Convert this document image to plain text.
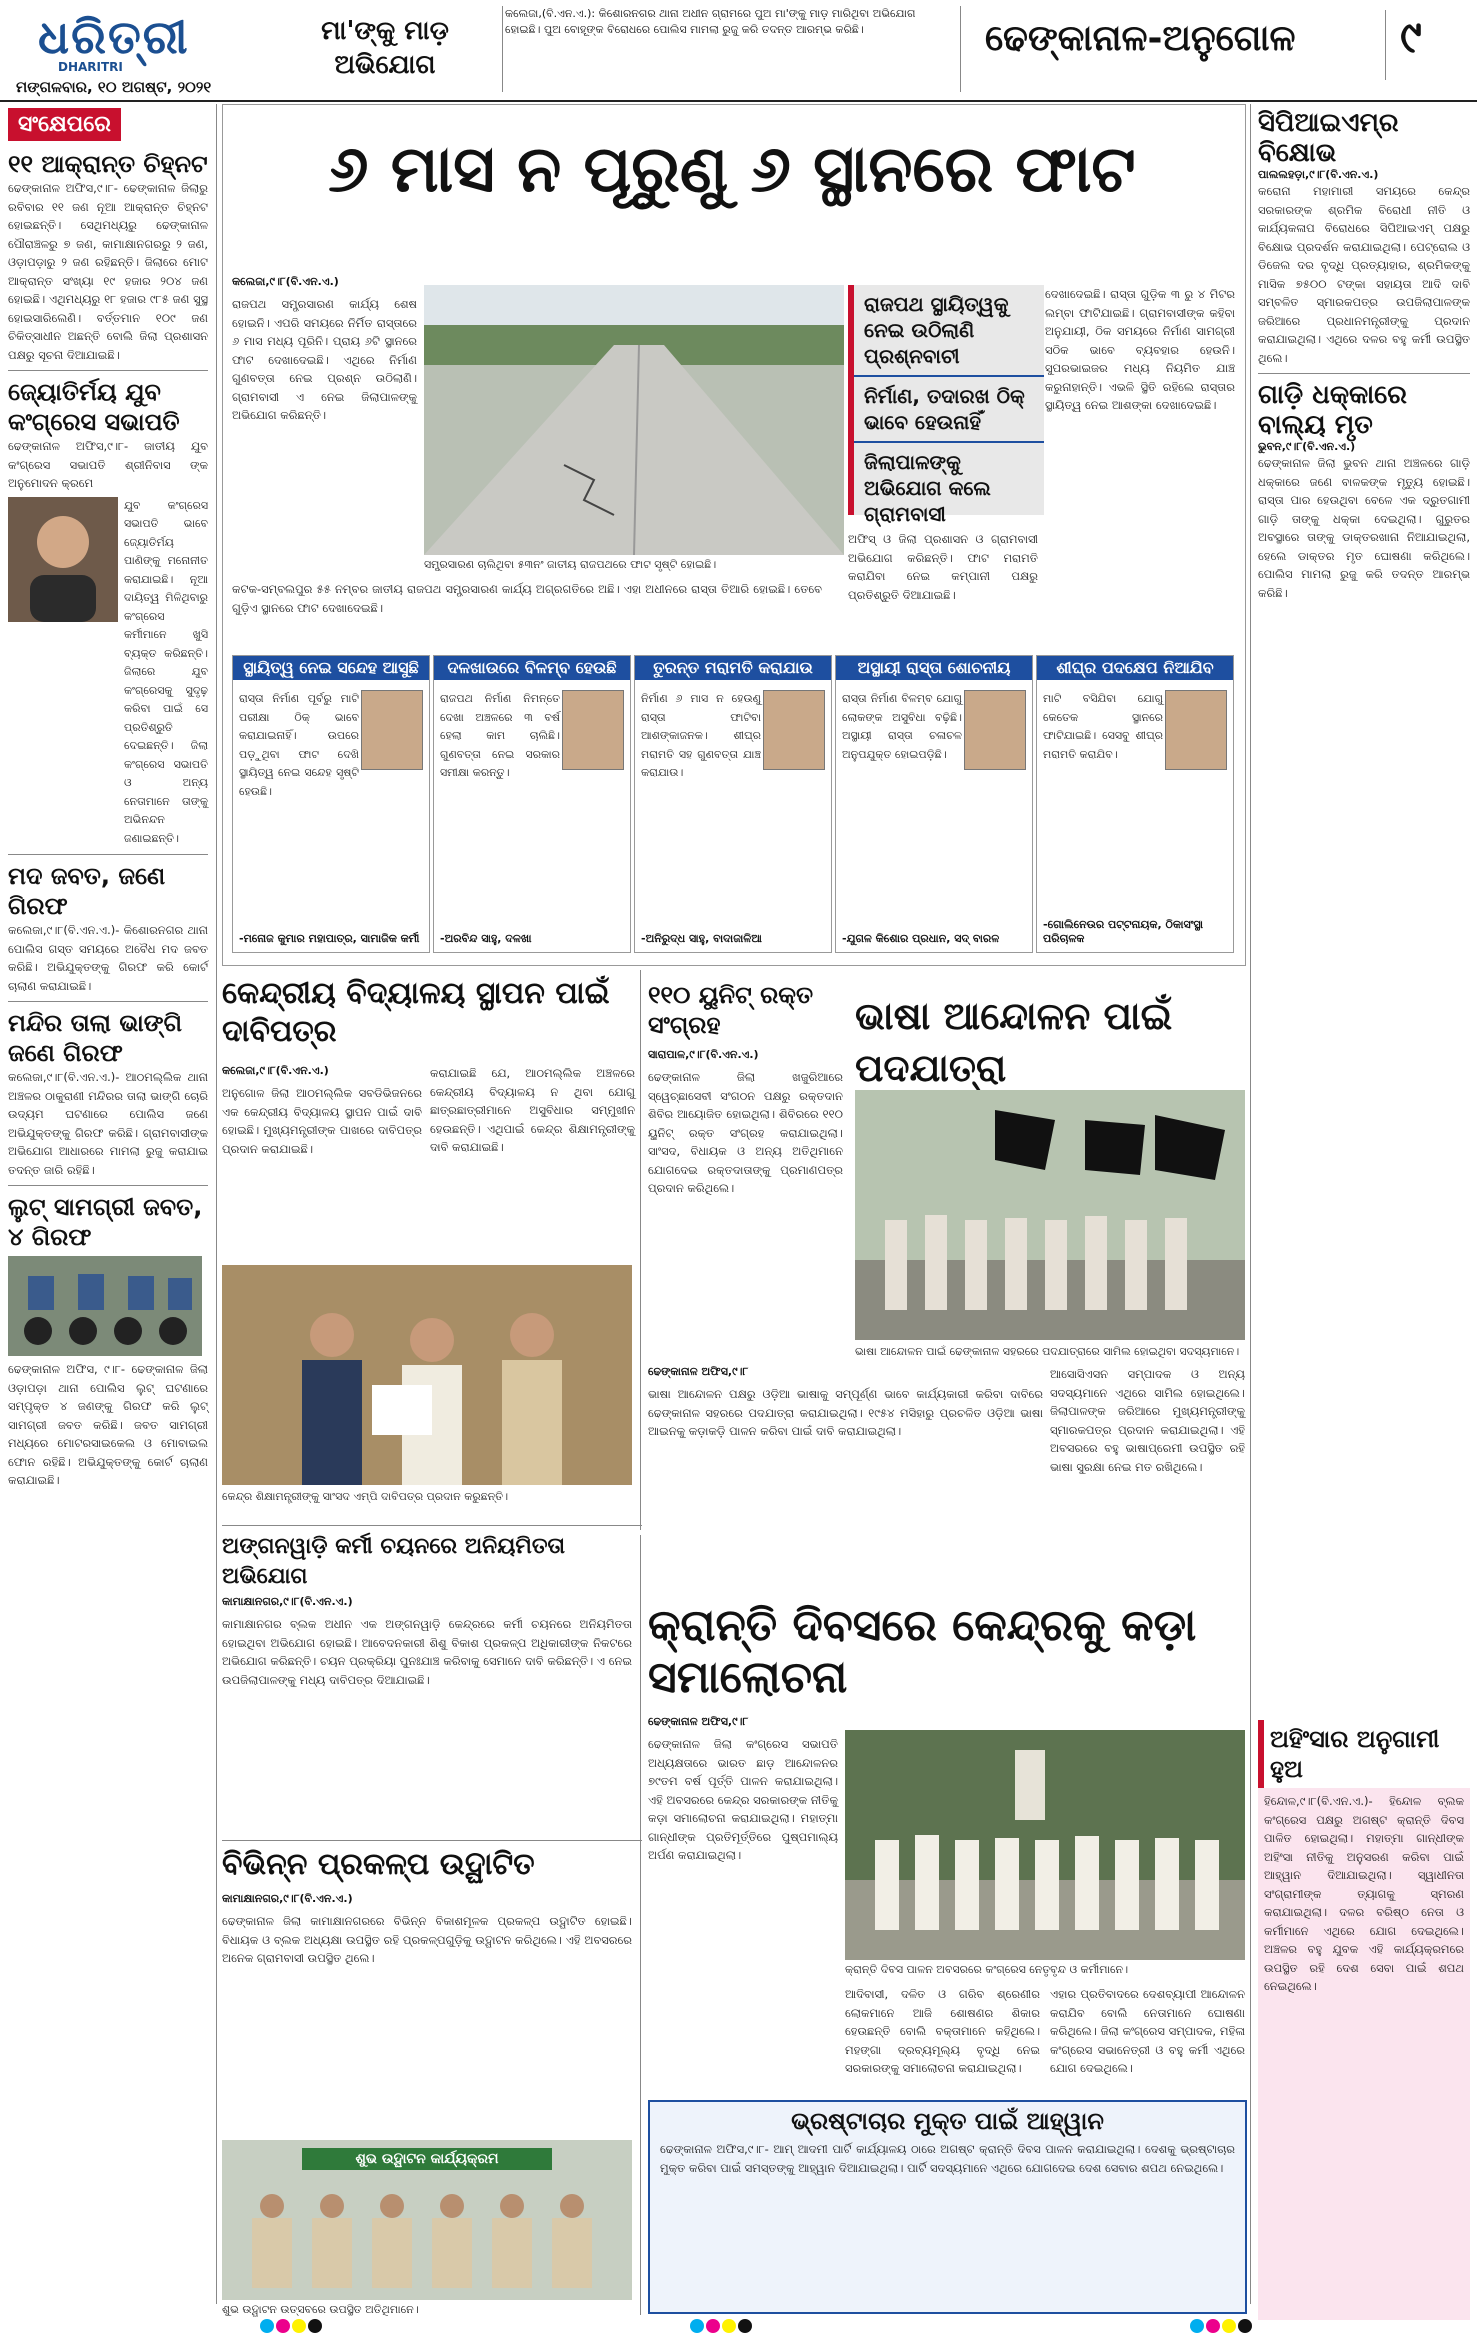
ଧରିତ୍ରୀ
DHARITRI
ମଙ୍ଗଳବାର, ୧୦ ଅଗଷ୍ଟ, ୨୦୨୧
ମା'ଙ୍କୁ ମାଡ଼ ଅଭିଯୋଗ
କଲେଜା,(ବି.ଏନ.ଏ.): କିଶୋରନଗର ଥାନା ଅଧୀନ ଗ୍ରାମରେ ପୁଅ ମା'ଙ୍କୁ ମାଡ଼ ମାରିଥିବା ଅଭିଯୋଗ ହୋଇଛି। ପୁଅ ବୋହୂଙ୍କ ବିରୋଧରେ ପୋଲିସ ମାମଲା ରୁଜୁ କରି ତଦନ୍ତ ଆରମ୍ଭ କରିଛି।	ଢେଙ୍କାନାଳ-ଅନୁଗୋଳ ୯
ସଂକ୍ଷେପରେ
୧୧ ଆକ୍ରାନ୍ତ ଚିହ୍ନଟ
ଢେଙ୍କାନାଳ ଅଫିସ,୯।୮- ଢେଙ୍କାନାଳ ଜିଲାରୁ ରବିବାର ୧୧ ଜଣ ନୂଆ ଆକ୍ରାନ୍ତ ଚିହ୍ନଟ ହୋଇଛନ୍ତି। ସେଥିମଧ୍ୟରୁ ଢେଙ୍କାନାଳ ପୌରାଞ୍ଚଳରୁ ୭ ଜଣ, କାମାକ୍ଷାନଗରରୁ ୨ ଜଣ, ଓଡ଼ାପଡ଼ାରୁ ୨ ଜଣ ରହିଛନ୍ତି। ଜିଲାରେ ମୋଟ ଆକ୍ରାନ୍ତ ସଂଖ୍ୟା ୧୯ ହଜାର ୨୦୪ ଜଣ ହୋଇଛି। ଏଥିମଧ୍ୟରୁ ୧୮ ହଜାର ୯୮୫ ଜଣ ସୁସ୍ଥ ହୋଇସାରିଲେଣି। ବର୍ତ୍ତମାନ ୧୦୯ ଜଣ ଚିକିତ୍ସାଧୀନ ଅଛନ୍ତି ବୋଲି ଜିଲା ପ୍ରଶାସନ ପକ୍ଷରୁ ସୂଚନା ଦିଆଯାଇଛି।
ଜ୍ୟୋତିର୍ମୟ ଯୁବ କଂଗ୍ରେସ ସଭାପତି
ଢେଙ୍କାନାଳ ଅଫିସ,୯।୮- ଜାତୀୟ ଯୁବ କଂଗ୍ରେସ ସଭାପତି ଶ୍ରୀନିବାସ ଙ୍କ ଅନୁମୋଦନ କ୍ରମେ
ଯୁବ କଂଗ୍ରେସ ସଭାପତି ଭାବେ ଜ୍ୟୋତିର୍ମୟ ପାଣିଙ୍କୁ ମନୋନୀତ କରାଯାଇଛି। ନୂଆ ଦାୟିତ୍ୱ ମିଳିଥିବାରୁ କଂଗ୍ରେସ କର୍ମୀମାନେ ଖୁସି ବ୍ୟକ୍ତ କରିଛନ୍ତି। ଜିଲାରେ ଯୁବ କଂଗ୍ରେସକୁ ସୁଦୃଢ଼ କରିବା ପାଇଁ ସେ ପ୍ରତିଶ୍ରୁତି ଦେଇଛନ୍ତି। ଜିଲା କଂଗ୍ରେସ ସଭାପତି ଓ ଅନ୍ୟ ନେତାମାନେ ତାଙ୍କୁ ଅଭିନନ୍ଦନ ଜଣାଇଛନ୍ତି।
ମଦ ଜବତ, ଜଣେ ଗିରଫ
କଲେଜା,୯।୮(ବି.ଏନ.ଏ.)- କିଶୋରନଗର ଥାନା ପୋଲିସ ଗସ୍ତ ସମୟରେ ଅବୈଧ ମଦ ଜବତ କରିଛି। ଅଭିଯୁକ୍ତଙ୍କୁ ଗିରଫ କରି କୋର୍ଟ ଚାଲାଣ କରାଯାଇଛି।
ମନ୍ଦିର ତାଲା ଭାଙ୍ଗି ଜଣେ ଗିରଫ
କଲେଜା,୯।୮(ବି.ଏନ.ଏ.)- ଆଠମଲ୍ଲିକ ଥାନା ଅଞ୍ଚଳର ଠାକୁରାଣୀ ମନ୍ଦିରର ତାଲା ଭାଙ୍ଗି ଚୋରି ଉଦ୍ୟମ ଘଟଣାରେ ପୋଲିସ ଜଣେ ଅଭିଯୁକ୍ତଙ୍କୁ ଗିରଫ କରିଛି। ଗ୍ରାମବାସୀଙ୍କ ଅଭିଯୋଗ ଆଧାରରେ ମାମଲା ରୁଜୁ କରାଯାଇ ତଦନ୍ତ ଜାରି ରହିଛି।
ଲୁଟ୍ ସାମଗ୍ରୀ ଜବତ, ୪ ଗିରଫ
ଢେଙ୍କାନାଳ ଅଫିସ, ୯।୮- ଢେଙ୍କାନାଳ ଜିଲା ଓଡ଼ାପଡ଼ା ଥାନା ପୋଲିସ ଲୁଟ୍ ଘଟଣାରେ ସମ୍ପୃକ୍ତ ୪ ଜଣଙ୍କୁ ଗିରଫ କରି ଲୁଟ୍ ସାମଗ୍ରୀ ଜବତ କରିଛି। ଜବତ ସାମଗ୍ରୀ ମଧ୍ୟରେ ମୋଟରସାଇକେଲ ଓ ମୋବାଇଲ ଫୋନ ରହିଛି। ଅଭିଯୁକ୍ତଙ୍କୁ କୋର୍ଟ ଚାଲାଣ କରାଯାଇଛି।
୬ ମାସ ନ ପୂରୁଣୁ ୬ ସ୍ଥାନରେ ଫାଟ
କଲେଜା,୯।୮(ବି.ଏନ.ଏ.)
ରାଜପଥ ସମ୍ପ୍ରସାରଣ କାର୍ଯ୍ୟ ଶେଷ ହୋଇନି। ଏପରି ସମୟରେ ନିର୍ମିତ ରାସ୍ତାରେ ୬ ମାସ ମଧ୍ୟ ପୂରିନି। ପ୍ରାୟ ୬ଟି ସ୍ଥାନରେ ଫାଟ ଦେଖାଦେଇଛି। ଏଥିରେ ନିର୍ମାଣ ଗୁଣବତ୍ତା ନେଇ ପ୍ରଶ୍ନ ଉଠିଲାଣି। ଗ୍ରାମବାସୀ ଏ ନେଇ ଜିଲାପାଳଙ୍କୁ ଅଭିଯୋଗ କରିଛନ୍ତି।
ସମ୍ପ୍ରସାରଣ ଚାଲିଥିବା ୫୩ନଂ ଜାତୀୟ ରାଜପଥରେ ଫାଟ ସୃଷ୍ଟି ହୋଇଛି।
ରାଜପଥ ସ୍ଥାୟିତ୍ୱକୁ ନେଇ ଉଠିଲାଣି ପ୍ରଶ୍ନବାଚୀ
ନିର୍ମାଣ, ତଦାରଖ ଠିକ୍ ଭାବେ ହେଉନାହିଁ
ଜିଲାପାଳଙ୍କୁ ଅଭିଯୋଗ କଲେ ଗ୍ରାମବାସୀ
ଦେଖାଦେଇଛି। ରାସ୍ତା ଗୁଡ଼ିକ ୩ ରୁ ୪ ମିଟର ଲମ୍ବା ଫାଟିଯାଇଛି। ଗ୍ରାମବାସୀଙ୍କ କହିବା ଅନୁଯାୟୀ, ଠିକ ସମୟରେ ନିର୍ମାଣ ସାମଗ୍ରୀ ସଠିକ ଭାବେ ବ୍ୟବହାର ହେଉନି। ସୁପରଭାଇଜର ମଧ୍ୟ ନିୟମିତ ଯାଞ୍ଚ କରୁନାହାନ୍ତି। ଏଭଳି ସ୍ଥିତି ରହିଲେ ରାସ୍ତାର ସ୍ଥାୟିତ୍ୱ ନେଇ ଆଶଙ୍କା ଦେଖାଦେଇଛି।
କଟକ-ସମ୍ବଲପୁର ୫୫ ନମ୍ବର ଜାତୀୟ ରାଜପଥ ସମ୍ପ୍ରସାରଣ କାର୍ଯ୍ୟ ଅଗ୍ରଗତିରେ ଅଛି। ଏହା ଅଧୀନରେ ରାସ୍ତା ତିଆରି ହୋଇଛି। ତେବେ ଗୁଡ଼ିଏ ସ୍ଥାନରେ ଫାଟ ଦେଖାଦେଇଛି।
ଅଫିସ୍ ଓ ଜିଲା ପ୍ରଶାସନ ଓ ଗ୍ରାମବାସୀ ଅଭିଯୋଗ କରିଛନ୍ତି। ଫାଟ ମରାମତି କରାଯିବା ନେଇ କମ୍ପାନୀ ପକ୍ଷରୁ ପ୍ରତିଶ୍ରୁତି ଦିଆଯାଇଛି।
ସ୍ଥାୟିତ୍ୱ ନେଇ ସନ୍ଦେହ ଆସୁଛି
ରାସ୍ତା ନିର୍ମାଣ ପୂର୍ବରୁ ମାଟି ପରୀକ୍ଷା ଠିକ୍ ଭାବେ କରାଯାଇନାହିଁ। ଉପରେ ପଡ଼ୁଥିବା ଫାଟ ଦେଖି ସ୍ଥାୟିତ୍ୱ ନେଇ ସନ୍ଦେହ ସୃଷ୍ଟି ହେଉଛି।
-ମନୋଜ କୁମାର ମହାପାତ୍ର, ସାମାଜିକ କର୍ମୀ
ଦଳଖାଉରେ ବିଳମ୍ବ ହେଉଛି
ରାଜପଥ ନିର୍ମାଣ ନିମନ୍ତେ ଦେଖା ଅଞ୍ଚଳରେ ୩ ବର୍ଷ ହେଲା କାମ ଚାଲିଛି। ଗୁଣବତ୍ତା ନେଇ ସରକାର ସମୀକ୍ଷା କରନ୍ତୁ।
-ଅରବିନ୍ଦ ସାହୁ, ଦଳଖା
ତୁରନ୍ତ ମରାମତି କରାଯାଉ
ନିର୍ମାଣ ୬ ମାସ ନ ହେଉଣୁ ରାସ୍ତା ଫାଟିବା ଆଶଙ୍କାଜନକ। ଶୀଘ୍ର ମରାମତି ସହ ଗୁଣବତ୍ତା ଯାଞ୍ଚ କରାଯାଉ।
-ଅନିରୁଦ୍ଧ ସାହୁ, ବାଦାଜାଳିଆ
ଅସ୍ଥାୟୀ ରାସ୍ତା ଶୋଚନୀୟ
ରାସ୍ତା ନିର୍ମାଣ ବିଳମ୍ବ ଯୋଗୁ ଲୋକଙ୍କ ଅସୁବିଧା ବଢ଼ିଛି। ଅସ୍ଥାୟୀ ରାସ୍ତା ଚଳାଚଳ ଅନୁପଯୁକ୍ତ ହୋଇପଡ଼ିଛି।
-ଯୁଗଳ କିଶୋର ପ୍ରଧାନ, ସଦ୍ ବାରଳ
ଶୀଘ୍ର ପଦକ୍ଷେପ ନିଆଯିବ
ମାଟି ବସିଯିବା ଯୋଗୁ କେତେକ ସ୍ଥାନରେ ଫାଟିଯାଇଛି। ସେସବୁ ଶୀଘ୍ର ମରାମତି କରାଯିବ।
-ଗୋଲିନେଉର ପଟ୍ଟନାୟକ, ଠିକାସଂସ୍ଥା ପରିଚାଳକ
ସିପିଆଇଏମ୍‌ର ବିକ୍ଷୋଭ
ପାଲଲହଡ଼ା,୯।୮(ବି.ଏନ.ଏ.)
କରୋନା ମହାମାରୀ ସମୟରେ କେନ୍ଦ୍ର ସରକାରଙ୍କ ଶ୍ରମିକ ବିରୋଧୀ ନୀତି ଓ କାର୍ଯ୍ୟକଳାପ ବିରୋଧରେ ସିପିଆଇଏମ୍ ପକ୍ଷରୁ ବିକ୍ଷୋଭ ପ୍ରଦର୍ଶନ କରାଯାଇଥିଲା। ପେଟ୍ରୋଲ ଓ ଡିଜେଲ ଦର ବୃଦ୍ଧି ପ୍ରତ୍ୟାହାର, ଶ୍ରମିକଙ୍କୁ ମାସିକ ୭୫୦୦ ଟଙ୍କା ସହାୟତା ଆଦି ଦାବି ସମ୍ବଳିତ ସ୍ମାରକପତ୍ର ଉପଜିଲାପାଳଙ୍କ ଜରିଆରେ ପ୍ରଧାନମନ୍ତ୍ରୀଙ୍କୁ ପ୍ରଦାନ କରାଯାଇଥିଲା। ଏଥିରେ ଦଳର ବହୁ କର୍ମୀ ଉପସ୍ଥିତ ଥିଲେ।
ଗାଡ଼ି ଧକ୍କାରେ ବାଲ୍ୟ ମୃତ
ଭୁବନ,୯।୮(ବି.ଏନ.ଏ.)
ଢେଙ୍କାନାଳ ଜିଲା ଭୁବନ ଥାନା ଅଞ୍ଚଳରେ ଗାଡ଼ି ଧକ୍କାରେ ଜଣେ ବାଳକଙ୍କ ମୃତ୍ୟୁ ହୋଇଛି। ରାସ୍ତା ପାର ହେଉଥିବା ବେଳେ ଏକ ଦ୍ରୁତଗାମୀ ଗାଡ଼ି ତାଙ୍କୁ ଧକ୍କା ଦେଇଥିଲା। ଗୁରୁତର ଅବସ୍ଥାରେ ତାଙ୍କୁ ଡାକ୍ତରଖାନା ନିଆଯାଇଥିଲା, ହେଲେ ଡାକ୍ତର ମୃତ ଘୋଷଣା କରିଥିଲେ। ପୋଲିସ ମାମଲା ରୁଜୁ କରି ତଦନ୍ତ ଆରମ୍ଭ କରିଛି।
ଅହିଂସାର ଅନୁଗାମୀ ହୁଅ
ହିନ୍ଦୋଳ,୯।୮(ବି.ଏନ.ଏ.)- ହିନ୍ଦୋଳ ବ୍ଲକ କଂଗ୍ରେସ ପକ୍ଷରୁ ଅଗଷ୍ଟ କ୍ରାନ୍ତି ଦିବସ ପାଳିତ ହୋଇଥିଲା। ମହାତ୍ମା ଗାନ୍ଧୀଙ୍କ ଅହିଂସା ନୀତିକୁ ଅନୁସରଣ କରିବା ପାଇଁ ଆହ୍ୱାନ ଦିଆଯାଇଥିଲା। ସ୍ୱାଧୀନତା ସଂଗ୍ରାମୀଙ୍କ ତ୍ୟାଗକୁ ସ୍ମରଣ କରାଯାଇଥିଲା। ଦଳର ବରିଷ୍ଠ ନେତା ଓ କର୍ମୀମାନେ ଏଥିରେ ଯୋଗ ଦେଇଥିଲେ। ଅଞ୍ଚଳର ବହୁ ଯୁବକ ଏହି କାର୍ଯ୍ୟକ୍ରମରେ ଉପସ୍ଥିତ ରହି ଦେଶ ସେବା ପାଇଁ ଶପଥ ନେଇଥିଲେ।
କେନ୍ଦ୍ରୀୟ ବିଦ୍ୟାଳୟ ସ୍ଥାପନ ପାଇଁ ଦାବିପତ୍ର
କଲେଜା,୯।୮(ବି.ଏନ.ଏ.)
ଅନୁଗୋଳ ଜିଲା ଆଠମଲ୍ଲିକ ସବଡିଭିଜନରେ ଏକ କେନ୍ଦ୍ରୀୟ ବିଦ୍ୟାଳୟ ସ୍ଥାପନ ପାଇଁ ଦାବି ହୋଇଛି। ମୁଖ୍ୟମନ୍ତ୍ରୀଙ୍କ ପାଖରେ ଦାବିପତ୍ର ପ୍ରଦାନ କରାଯାଇଛି।
କରାଯାଇଛି ଯେ, ଆଠମଲ୍ଲିକ ଅଞ୍ଚଳରେ କେନ୍ଦ୍ରୀୟ ବିଦ୍ୟାଳୟ ନ ଥିବା ଯୋଗୁ ଛାତ୍ରଛାତ୍ରୀମାନେ ଅସୁବିଧାର ସମ୍ମୁଖୀନ ହେଉଛନ୍ତି। ଏଥିପାଇଁ କେନ୍ଦ୍ର ଶିକ୍ଷାମନ୍ତ୍ରୀଙ୍କୁ ଦାବି କରାଯାଇଛି।
କେନ୍ଦ୍ର ଶିକ୍ଷାମନ୍ତ୍ରୀଙ୍କୁ ସାଂସଦ ଏମ୍ପି ଦାବିପତ୍ର ପ୍ରଦାନ କରୁଛନ୍ତି।
୧୧୦ ୟୁନିଟ୍ ରକ୍ତ ସଂଗ୍ରହ
ସାରାପାଳ,୯।୮(ବି.ଏନ.ଏ.)
ଢେଙ୍କାନାଳ ଜିଲା ଖଜୁରିଆରେ ସ୍ୱେଚ୍ଛାସେବୀ ସଂଗଠନ ପକ୍ଷରୁ ରକ୍ତଦାନ ଶିବିର ଆୟୋଜିତ ହୋଇଥିଲା। ଶିବିରରେ ୧୧୦ ୟୁନିଟ୍ ରକ୍ତ ସଂଗ୍ରହ କରାଯାଇଥିଲା। ସାଂସଦ, ବିଧାୟକ ଓ ଅନ୍ୟ ଅତିଥିମାନେ ଯୋଗଦେଇ ରକ୍ତଦାତାଙ୍କୁ ପ୍ରମାଣପତ୍ର ପ୍ରଦାନ କରିଥିଲେ।
ଭାଷା ଆନ୍ଦୋଳନ ପାଇଁ ପଦଯାତ୍ରା
ଭାଷା ଆନ୍ଦୋଳନ ପାଇଁ ଢେଙ୍କାନାଳ ସହରରେ ପଦଯାତ୍ରାରେ ସାମିଲ ହୋଇଥିବା ସଦସ୍ୟମାନେ।
ଢେଙ୍କାନାଳ ଅଫିସ,୯।୮
ଭାଷା ଆନ୍ଦୋଳନ ପକ୍ଷରୁ ଓଡ଼ିଆ ଭାଷାକୁ ସମ୍ପୂର୍ଣ୍ଣ ଭାବେ କାର୍ଯ୍ୟକାରୀ କରିବା ଦାବିରେ ଢେଙ୍କାନାଳ ସହରରେ ପଦଯାତ୍ରା କରାଯାଇଥିଲା। ୧୯୫୪ ମସିହାରୁ ପ୍ରଚଳିତ ଓଡ଼ିଆ ଭାଷା ଆଇନକୁ କଡ଼ାକଡ଼ି ପାଳନ କରିବା ପାଇଁ ଦାବି କରାଯାଇଥିଲା।
ଆସୋସିଏସନ ସମ୍ପାଦକ ଓ ଅନ୍ୟ ସଦସ୍ୟମାନେ ଏଥିରେ ସାମିଲ ହୋଇଥିଲେ। ଜିଲାପାଳଙ୍କ ଜରିଆରେ ମୁଖ୍ୟମନ୍ତ୍ରୀଙ୍କୁ ସ୍ମାରକପତ୍ର ପ୍ରଦାନ କରାଯାଇଥିଲା। ଏହି ଅବସରରେ ବହୁ ଭାଷାପ୍ରେମୀ ଉପସ୍ଥିତ ରହି ଭାଷା ସୁରକ୍ଷା ନେଇ ମତ ରଖିଥିଲେ।
ଅଙ୍ଗନୱାଡ଼ି କର୍ମୀ ଚୟନରେ ଅନିୟମିତତା ଅଭିଯୋଗ
କାମାକ୍ଷାନଗର,୯।୮(ବି.ଏନ.ଏ.)
କାମାକ୍ଷାନଗର ବ୍ଲକ ଅଧୀନ ଏକ ଅଙ୍ଗନୱାଡ଼ି କେନ୍ଦ୍ରରେ କର୍ମୀ ଚୟନରେ ଅନିୟମିତତା ହୋଇଥିବା ଅଭିଯୋଗ ହୋଇଛି। ଆବେଦନକାରୀ ଶିଶୁ ବିକାଶ ପ୍ରକଳ୍ପ ଅଧିକାରୀଙ୍କ ନିକଟରେ ଅଭିଯୋଗ କରିଛନ୍ତି। ଚୟନ ପ୍ରକ୍ରିୟା ପୁନଃଯାଞ୍ଚ କରିବାକୁ ସେମାନେ ଦାବି କରିଛନ୍ତି। ଏ ନେଇ ଉପଜିଲାପାଳଙ୍କୁ ମଧ୍ୟ ଦାବିପତ୍ର ଦିଆଯାଇଛି।
ବିଭିନ୍ନ ପ୍ରକଳ୍ପ ଉଦ୍ଘାଟିତ
କାମାକ୍ଷାନଗର,୯।୮(ବି.ଏନ.ଏ.)
ଢେଙ୍କାନାଳ ଜିଲା କାମାକ୍ଷାନଗରରେ ବିଭିନ୍ନ ବିକାଶମୂଳକ ପ୍ରକଳ୍ପ ଉଦ୍ଘାଟିତ ହୋଇଛି। ବିଧାୟକ ଓ ବ୍ଲକ ଅଧ୍ୟକ୍ଷା ଉପସ୍ଥିତ ରହି ପ୍ରକଳ୍ପଗୁଡ଼ିକୁ ଉଦ୍ଘାଟନ କରିଥିଲେ। ଏହି ଅବସରରେ ଅନେକ ଗ୍ରାମବାସୀ ଉପସ୍ଥିତ ଥିଲେ।
ଶୁଭ ଉଦ୍ଘାଟନ କାର୍ଯ୍ୟକ୍ରମ
ଶୁଭ ଉଦ୍ଘାଟନ ଉତ୍ସବରେ ଉପସ୍ଥିତ ଅତିଥିମାନେ।
କ୍ରାନ୍ତି ଦିବସରେ କେନ୍ଦ୍ରକୁ କଡ଼ା ସମାଲୋଚନା
ଢେଙ୍କାନାଳ ଅଫିସ,୯।୮
ଢେଙ୍କାନାଳ ଜିଲା କଂଗ୍ରେସ ସଭାପତି ଅଧ୍ୟକ୍ଷତାରେ ଭାରତ ଛାଡ଼ ଆନ୍ଦୋଳନର ୭୯ତମ ବର୍ଷ ପୂର୍ତ୍ତି ପାଳନ କରାଯାଇଥିଲା। ଏହି ଅବସରରେ କେନ୍ଦ୍ର ସରକାରଙ୍କ ନୀତିକୁ କଡ଼ା ସମାଲୋଚନା କରାଯାଇଥିଲା। ମହାତ୍ମା ଗାନ୍ଧୀଙ୍କ ପ୍ରତିମୂର୍ତ୍ତିରେ ପୁଷ୍ପମାଲ୍ୟ ଅର୍ପଣ କରାଯାଇଥିଲା।
କ୍ରାନ୍ତି ଦିବସ ପାଳନ ଅବସରରେ କଂଗ୍ରେସ ନେତୃବୃନ୍ଦ ଓ କର୍ମୀମାନେ।
ଆଦିବାସୀ, ଦଳିତ ଓ ଗରିବ ଶ୍ରେଣୀର ଲୋକମାନେ ଆଜି ଶୋଷଣର ଶିକାର ହେଉଛନ୍ତି ବୋଲି ବକ୍ତାମାନେ କହିଥିଲେ। ମହଙ୍ଗା ଦ୍ରବ୍ୟମୂଲ୍ୟ ବୃଦ୍ଧି ନେଇ ସରକାରଙ୍କୁ ସମାଲୋଚନା କରାଯାଇଥିଲା।
ଏହାର ପ୍ରତିବାଦରେ ଦେଶବ୍ୟାପୀ ଆନ୍ଦୋଳନ କରାଯିବ ବୋଲି ନେତାମାନେ ଘୋଷଣା କରିଥିଲେ। ଜିଲା କଂଗ୍ରେସ ସମ୍ପାଦକ, ମହିଳା କଂଗ୍ରେସ ସଭାନେତ୍ରୀ ଓ ବହୁ କର୍ମୀ ଏଥିରେ ଯୋଗ ଦେଇଥିଲେ।
ଭ୍ରଷ୍ଟାଚାର ମୁକ୍ତ ପାଇଁ ଆହ୍ୱାନ
ଢେଙ୍କାନାଳ ଅଫିସ,୯।୮- ଆମ୍ ଆଦମୀ ପାର୍ଟି କାର୍ଯ୍ୟାଳୟ ଠାରେ ଅଗଷ୍ଟ କ୍ରାନ୍ତି ଦିବସ ପାଳନ କରାଯାଇଥିଲା। ଦେଶକୁ ଭ୍ରଷ୍ଟାଚାର ମୁକ୍ତ କରିବା ପାଇଁ ସମସ୍ତଙ୍କୁ ଆହ୍ୱାନ ଦିଆଯାଇଥିଲା। ପାର୍ଟି ସଦସ୍ୟମାନେ ଏଥିରେ ଯୋଗଦେଇ ଦେଶ ସେବାର ଶପଥ ନେଇଥିଲେ।
